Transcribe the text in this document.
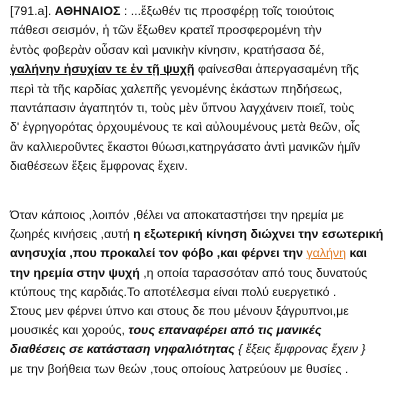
[791.a]. ΑΘΗΝΑΙΟΣ : ...ἔξωθέν τις προσφέρῃ τοῖς τοιούτοις
πάθεσι σεισμόν, ἡ τῶν ἔξωθεν κρατεῖ προσφερομένη τὴν
ἐντὸς φοβερὰν οὖσαν καὶ μανικὴν κίνησιν, κρατήσασα δέ,
γαλήνην ἡσυχίαν τε ἐν τῇ ψυχῇ φαίνεσθαι ἀπεργασαμένη τῆς
περὶ τὰ τῆς καρδίας χαλεπῆς γενομένης ἑκάστων πηδήσεως,
παντάπασιν ἀγαπητόν τι, τοὺς μὲν ὕπνου λαγχάνειν ποιεῖ, τοὺς
δ' ἐγρηγορότας ὀρχουμένους τε καὶ αὐλουμένους μετὰ θεῶν, οἷς
ἂν καλλιεροῦντες ἕκαστοι θύωσι,κατηργάσατο ἀντὶ μανικῶν ἡμῖν
διαθέσεων ἕξεις ἔμφρονας ἔχειν.
Όταν κάποιος ,λοιπόν ,θέλει να αποκαταστήσει την ηρεμία με
ζωηρές κινήσεις ,αυτή η εξωτερική κίνηση διώχνει την εσωτερική
ανησυχία ,που προκαλεί τον φόβο ,και φέρνει την γαλήνη και
την ηρεμία στην ψυχή ,η οποία ταρασσόταν από τους δυνατούς
κτύπους της καρδιάς.Το αποτέλεσμα είναι πολύ ευεργετικό .
Στους μεν φέρνει ύπνο και στους δε που μένουν ξάγρυπνοι,με
μουσικές και χορούς, τους επαναφέρει από τις μανικές
διαθέσεις σε κατάσταση νηφαλιότητας { ἕξεις ἔμφρονας ἔχειν }
με την βοήθεια των θεών ,τους οποίους λατρεύουν με θυσίες .
